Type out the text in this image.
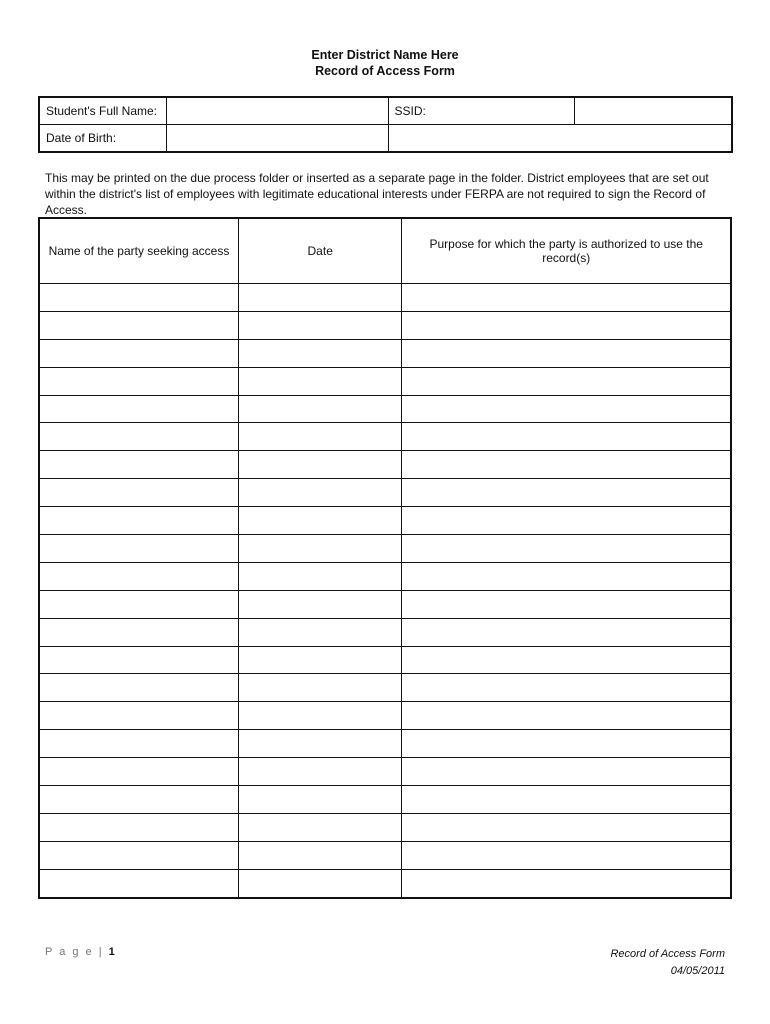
Enter District Name Here
Record of Access Form
Student's Full Name:		SSID:	
Date of Birth:			
This may be printed on the due process folder or inserted as a separate page in the folder. District employees that are set out within the district's list of employees with legitimate educational interests under FERPA are not required to sign the Record of Access.
Name of the party seeking access	Date	Purpose for which the party is authorized to use the record(s)

P a g e | 1	Record of Access Form
04/05/2011
